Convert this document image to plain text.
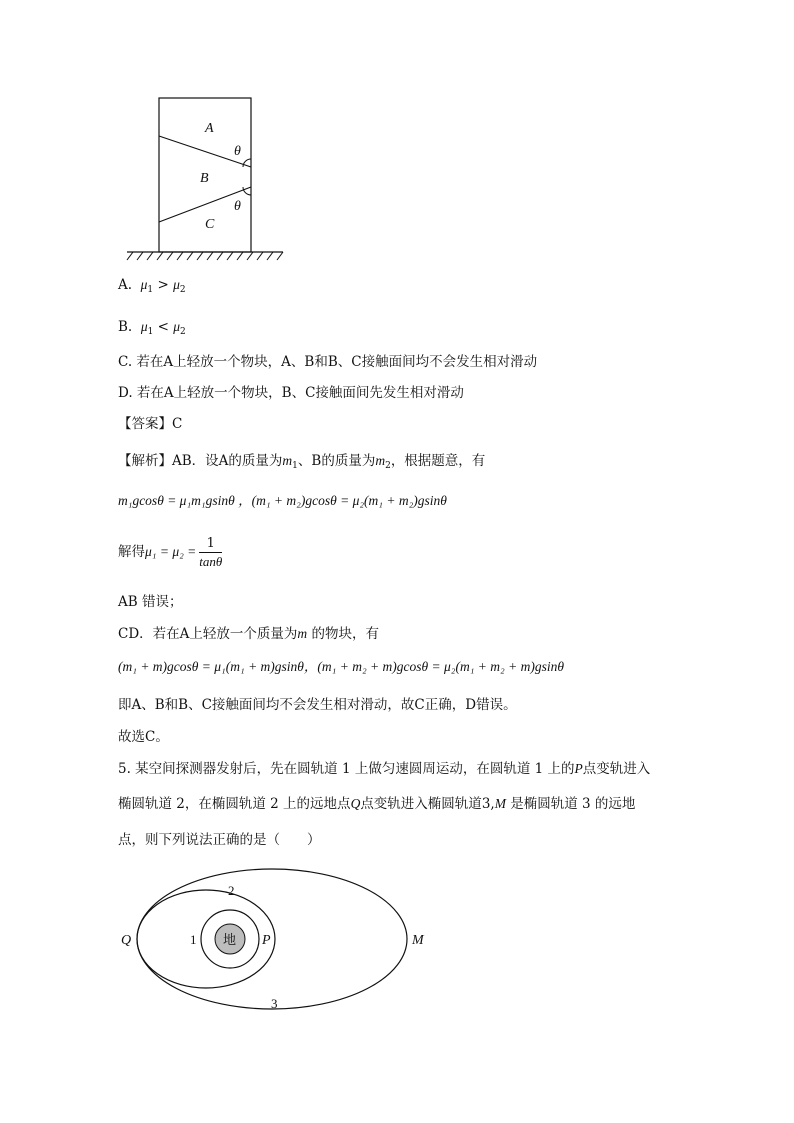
A
B
C
θ
θ
A. $\mu_1 > \mu_2$
B. $\mu_1 < \mu_2$
C. 若在A上轻放一个物块，A、B和B、C接触面间均不会发生相对滑动
D. 若在A上轻放一个物块，B、C接触面间先发生相对滑动
【答案】C
【解析】AB．设A的质量为$m_1$、B的质量为$m_2$，根据题意，有
m₁gcosθ = μ₁m₁gsinθ ，(m₁ + m₂)gcosθ = μ₂(m₁ + m₂)gsinθ
解得$\mu_1 = \mu_2 = \frac{1}{\tan\theta}$
AB 错误；
CD．若在A上轻放一个质量为m 的物块，有
(m₁ + m)gcosθ = μ₁(m₁ + m)gsinθ，(m₁ + m₂ + m)gcosθ = μ₂(m₁ + m₂ + m)gsinθ
即A、B和B、C接触面间均不会发生相对滑动，故C正确，D错误。
故选C。
5. 某空间探测器发射后，先在圆轨道 1 上做匀速圆周运动，在圆轨道 1 上的P点变轨进入
椭圆轨道 2，在椭圆轨道 2 上的远地点Q点变轨进入椭圆轨道3,M 是椭圆轨道 3 的远地
点，则下列说法正确的是（　　）
地
Q	P	M
1
2
3
